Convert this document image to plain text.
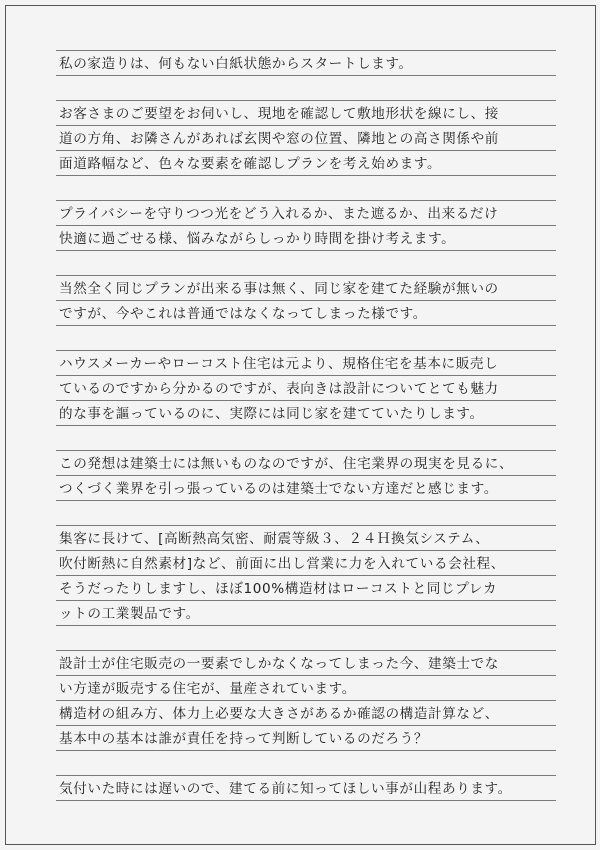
私の家造りは、何もない白紙状態からスタートします。
お客さまのご要望をお伺いし、現地を確認して敷地形状を線にし、接
道の方角、お隣さんがあれば玄関や窓の位置、隣地との高さ関係や前
面道路幅など、色々な要素を確認しプランを考え始めます。
プライバシーを守りつつ光をどう入れるか、また遮るか、出来るだけ
快適に過ごせる様、悩みながらしっかり時間を掛け考えます。
当然全く同じプランが出来る事は無く、同じ家を建てた経験が無いの
ですが、今やこれは普通ではなくなってしまった様です。
ハウスメーカーやローコスト住宅は元より、規格住宅を基本に販売し
ているのですから分かるのですが、表向きは設計についてとても魅力
的な事を謳っているのに、実際には同じ家を建てていたりします。
この発想は建築士には無いものなのですが、住宅業界の現実を見るに、
つくづく業界を引っ張っているのは建築士でない方達だと感じます。
集客に長けて、[高断熱高気密、耐震等級３、２４Ｈ換気システム、
吹付断熱に自然素材]など、前面に出し営業に力を入れている会社程、
そうだったりしますし、ほぼ100%構造材はローコストと同じプレカ
ットの工業製品です。
設計士が住宅販売の一要素でしかなくなってしまった今、建築士でな
い方達が販売する住宅が、量産されています。
構造材の組み方、体力上必要な大きさがあるか確認の構造計算など、
基本中の基本は誰が責任を持って判断しているのだろう？
気付いた時には遅いので、建てる前に知ってほしい事が山程あります。
